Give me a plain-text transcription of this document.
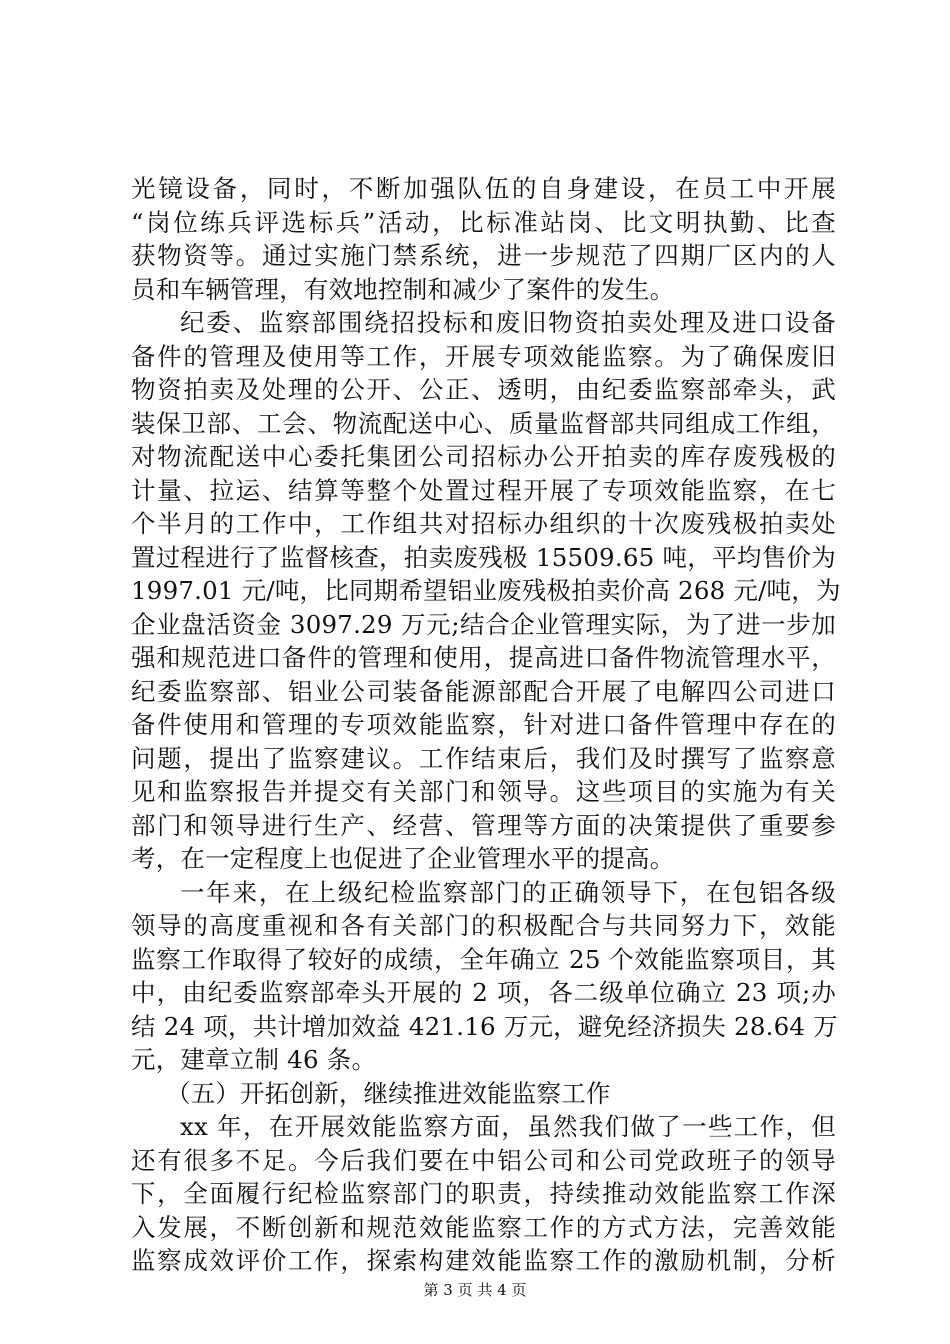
光镜设备，同时，不断加强队伍的自身建设，在员工中开展
“岗位练兵评选标兵”活动，比标准站岗、比文明执勤、比查
获物资等。通过实施门禁系统，进一步规范了四期厂区内的人
员和车辆管理，有效地控制和减少了案件的发生。
纪委、监察部围绕招投标和废旧物资拍卖处理及进口设备
备件的管理及使用等工作，开展专项效能监察。为了确保废旧
物资拍卖及处理的公开、公正、透明，由纪委监察部牵头，武
装保卫部、工会、物流配送中心、质量监督部共同组成工作组，
对物流配送中心委托集团公司招标办公开拍卖的库存废残极的
计量、拉运、结算等整个处置过程开展了专项效能监察，在七
个半月的工作中，工作组共对招标办组织的十次废残极拍卖处
置过程进行了监督核查，拍卖废残极 15509.65 吨，平均售价为
1997.01 元/吨，比同期希望铝业废残极拍卖价高 268 元/吨，为
企业盘活资金 3097.29 万元;结合企业管理实际，为了进一步加
强和规范进口备件的管理和使用，提高进口备件物流管理水平，
纪委监察部、铝业公司装备能源部配合开展了电解四公司进口
备件使用和管理的专项效能监察，针对进口备件管理中存在的
问题，提出了监察建议。工作结束后，我们及时撰写了监察意
见和监察报告并提交有关部门和领导。这些项目的实施为有关
部门和领导进行生产、经营、管理等方面的决策提供了重要参
考，在一定程度上也促进了企业管理水平的提高。
一年来，在上级纪检监察部门的正确领导下，在包铝各级
领导的高度重视和各有关部门的积极配合与共同努力下，效能
监察工作取得了较好的成绩，全年确立 25 个效能监察项目，其
中，由纪委监察部牵头开展的 2 项，各二级单位确立 23 项;办
结 24 项，共计增加效益 421.16 万元，避免经济损失 28.64 万
元，建章立制 46 条。
（五）开拓创新，继续推进效能监察工作
xx 年，在开展效能监察方面，虽然我们做了一些工作，但
还有很多不足。今后我们要在中铝公司和公司党政班子的领导
下，全面履行纪检监察部门的职责，持续推动效能监察工作深
入发展，不断创新和规范效能监察工作的方式方法，完善效能
监察成效评价工作，探索构建效能监察工作的激励机制，分析
第 3 页 共 4 页
